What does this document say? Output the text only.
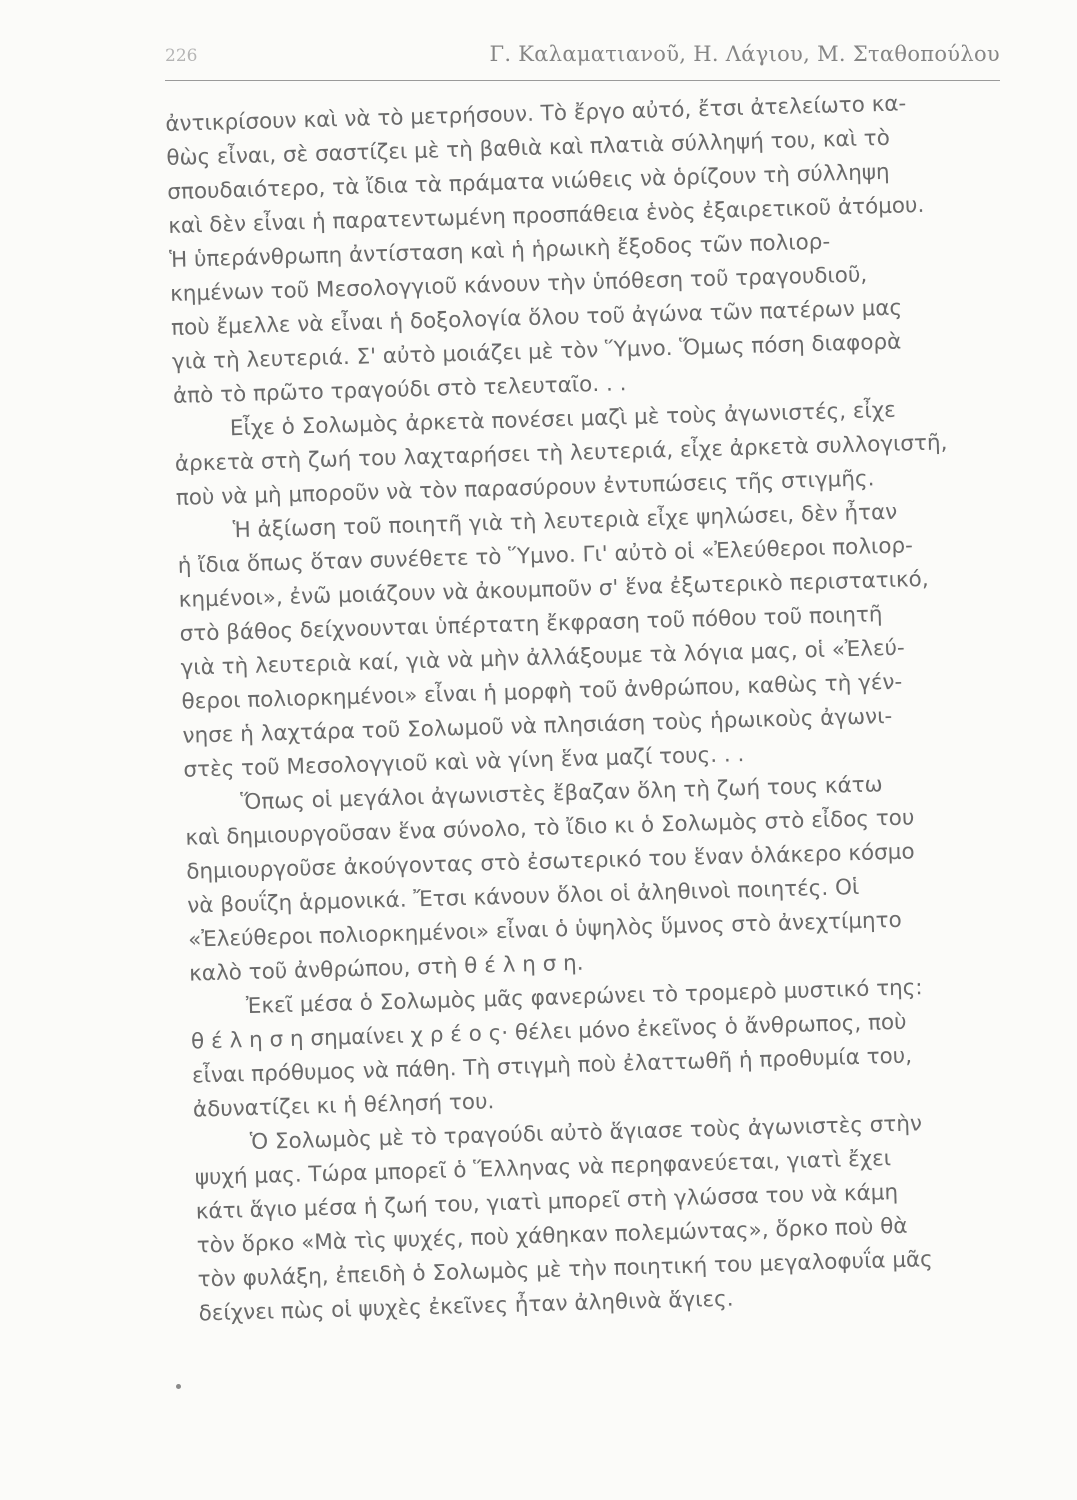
226	Γ. Καλαματιανοῦ, Η. Λάγιου, Μ. Σταθοπούλου
ἀντικρίσουν καὶ νὰ τὸ μετρήσουν. Τὸ ἔργο αὐτό, ἔτσι ἀτελείωτο κα-
θὼς εἶναι, σὲ σαστίζει μὲ τὴ βαθιὰ καὶ πλατιὰ σύλληψή του, καὶ τὸ
σπουδαιότερο, τὰ ἴδια τὰ πράματα νιώθεις νὰ ὁρίζουν τὴ σύλληψη
καὶ δὲν εἶναι ἡ παρατεντωμένη προσπάθεια ἑνὸς ἐξαιρετικοῦ ἀτόμου.
Ἡ ὑπεράνθρωπη ἀντίσταση καὶ ἡ ἡρωικὴ ἔξοδος τῶν πολιορ-
κημένων τοῦ Μεσολογγιοῦ κάνουν τὴν ὑπόθεση τοῦ τραγουδιοῦ,
ποὺ ἔμελλε νὰ εἶναι ἡ δοξολογία ὅλου τοῦ ἀγώνα τῶν πατέρων μας
γιὰ τὴ λευτεριά. Σ' αὐτὸ μοιάζει μὲ τὸν Ὕμνο. Ὅμως πόση διαφορὰ
ἀπὸ τὸ πρῶτο τραγούδι στὸ τελευταῖο. . .
Εἶχε ὁ Σολωμὸς ἀρκετὰ πονέσει μαζὶ μὲ τοὺς ἀγωνιστές, εἶχε
ἀρκετὰ στὴ ζωή του λαχταρήσει τὴ λευτεριά, εἶχε ἀρκετὰ συλλογιστῆ,
ποὺ νὰ μὴ μποροῦν νὰ τὸν παρασύρουν ἐντυπώσεις τῆς στιγμῆς.
Ἡ ἀξίωση τοῦ ποιητῆ γιὰ τὴ λευτεριὰ εἶχε ψηλώσει, δὲν ἦταν
ἡ ἴδια ὅπως ὅταν συνέθετε τὸ Ὕμνο. Γι' αὐτὸ οἱ «Ἐλεύθεροι πολιορ-
κημένοι», ἐνῶ μοιάζουν νὰ ἀκουμποῦν σ' ἕνα ἐξωτερικὸ περιστατικό,
στὸ βάθος δείχνουνται ὑπέρτατη ἔκφραση τοῦ πόθου τοῦ ποιητῆ
γιὰ τὴ λευτεριὰ καί, γιὰ νὰ μὴν ἀλλάξουμε τὰ λόγια μας, οἱ «Ἐλεύ-
θεροι πολιορκημένοι» εἶναι ἡ μορφὴ τοῦ ἀνθρώπου, καθὼς τὴ γέν-
νησε ἡ λαχτάρα τοῦ Σολωμοῦ νὰ πλησιάση τοὺς ἡρωικοὺς ἀγωνι-
στὲς τοῦ Μεσολογγιοῦ καὶ νὰ γίνη ἕνα μαζί τους. . .
Ὅπως οἱ μεγάλοι ἀγωνιστὲς ἔβαζαν ὅλη τὴ ζωή τους κάτω
καὶ δημιουργοῦσαν ἕνα σύνολο, τὸ ἴδιο κι ὁ Σολωμὸς στὸ εἶδος του
δημιουργοῦσε ἀκούγοντας στὸ ἐσωτερικό του ἕναν ὁλάκερο κόσμο
νὰ βουΐζη ἁρμονικά. Ἔτσι κάνουν ὅλοι οἱ ἀληθινοὶ ποιητές. Οἱ
«Ἐλεύθεροι πολιορκημένοι» εἶναι ὁ ὑψηλὸς ὕμνος στὸ ἀνεχτίμητο
καλὸ τοῦ ἀνθρώπου, στὴ θ έ λ η σ η.
Ἐκεῖ μέσα ὁ Σολωμὸς μᾶς φανερώνει τὸ τρομερὸ μυστικό της:
θ έ λ η σ η σημαίνει χ ρ έ ο ς· θέλει μόνο ἐκεῖνος ὁ ἄνθρωπος, ποὺ
εἶναι πρόθυμος νὰ πάθη. Τὴ στιγμὴ ποὺ ἐλαττωθῆ ἡ προθυμία του,
ἀδυνατίζει κι ἡ θέλησή του.
Ὁ Σολωμὸς μὲ τὸ τραγούδι αὐτὸ ἅγιασε τοὺς ἀγωνιστὲς στὴν
ψυχή μας. Τώρα μπορεῖ ὁ Ἕλληνας νὰ περηφανεύεται, γιατὶ ἔχει
κάτι ἅγιο μέσα ἡ ζωή του, γιατὶ μπορεῖ στὴ γλώσσα του νὰ κάμη
τὸν ὅρκο «Μὰ τὶς ψυχές, ποὺ χάθηκαν πολεμώντας», ὅρκο ποὺ θὰ
τὸν φυλάξη, ἐπειδὴ ὁ Σολωμὸς μὲ τὴν ποιητική του μεγαλοφυΐα μᾶς
δείχνει πὼς οἱ ψυχὲς ἐκεῖνες ἦταν ἀληθινὰ ἅγιες.
